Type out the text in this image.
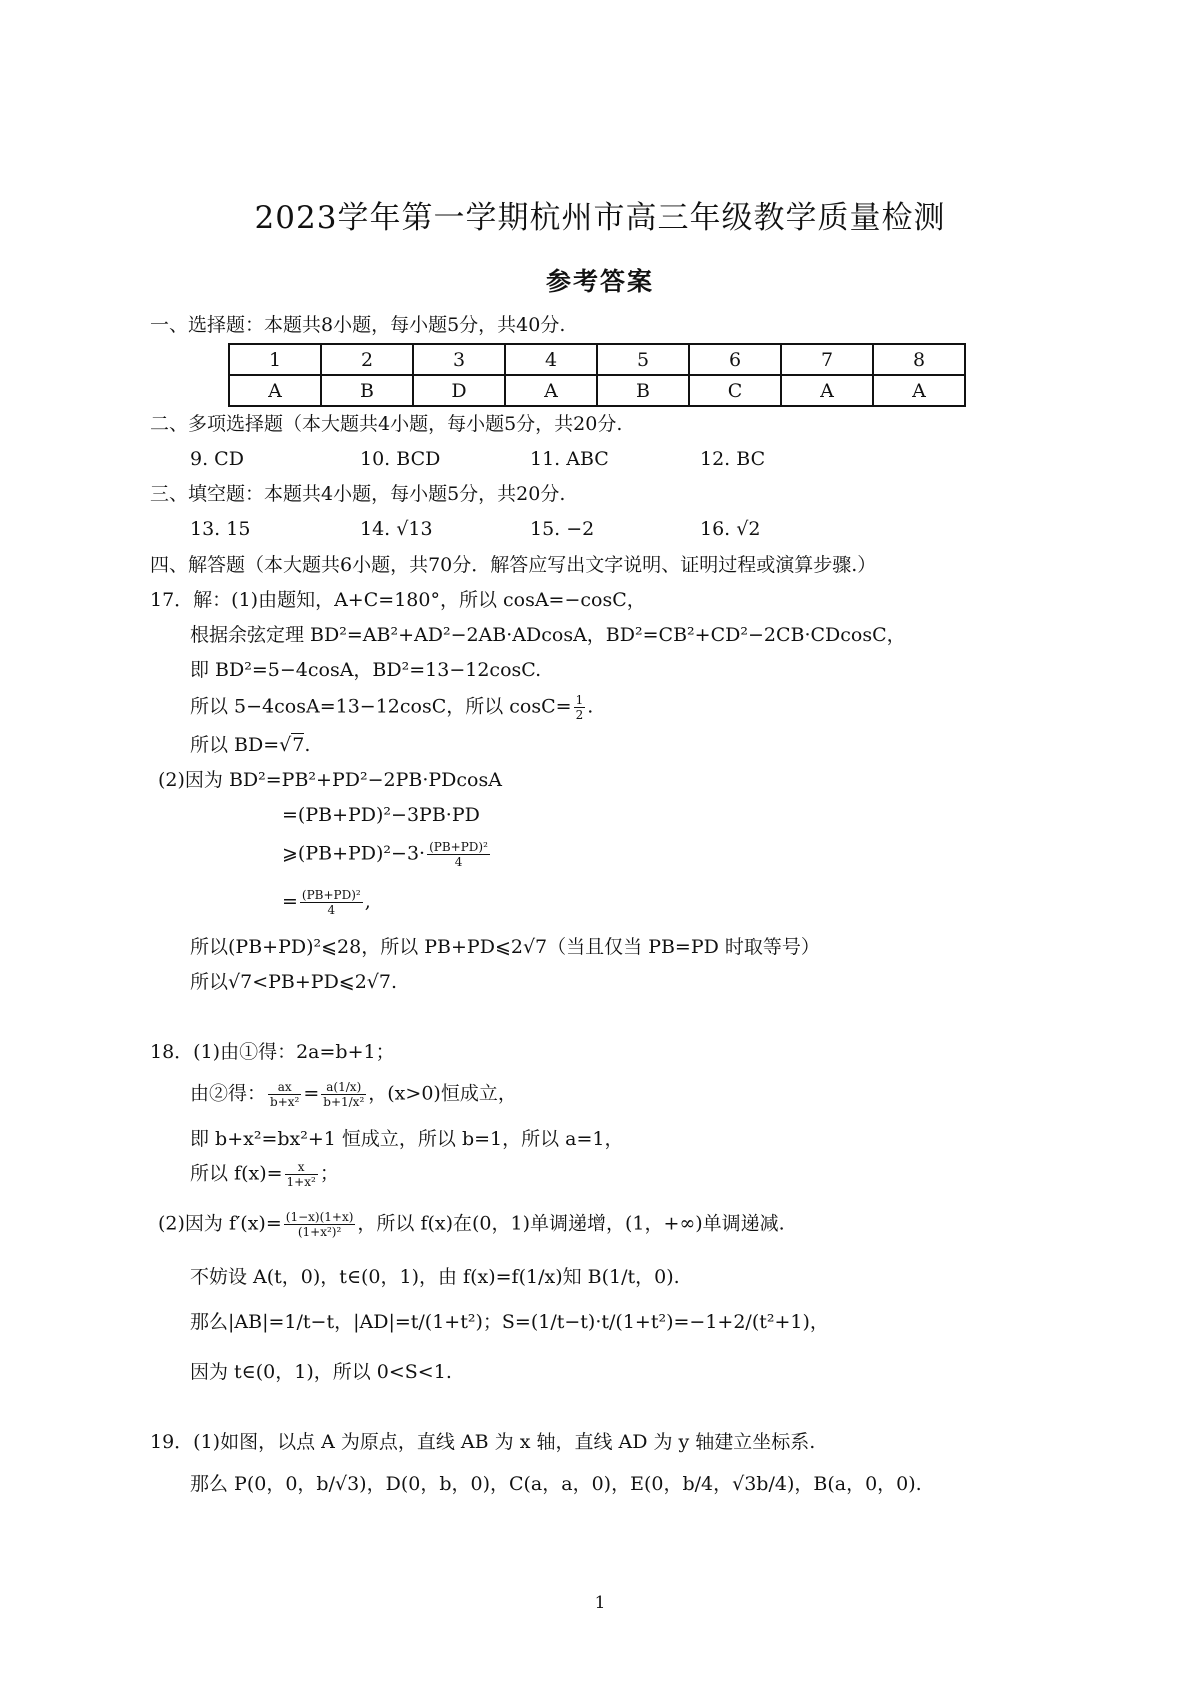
2023学年第一学期杭州市高三年级教学质量检测
参考答案
一、选择题：本题共8小题，每小题5分，共40分.
1	2	3	4	5	6	7	8
A	B	D	A	B	C	A	A
二、多项选择题（本大题共4小题，每小题5分，共20分.
9. CD	10. BCD	11. ABC	12. BC
三、填空题：本题共4小题，每小题5分，共20分.
13. 15	14. √13	15. −2	16. √2
四、解答题（本大题共6小题，共70分．解答应写出文字说明、证明过程或演算步骤.）
17．解：(1)由题知，A+C=180°，所以 cosA=−cosC，
根据余弦定理 BD²=AB²+AD²−2AB·ADcosA，BD²=CB²+CD²−2CB·CDcosC，
即 BD²=5−4cosA，BD²=13−12cosC.
所以 5−4cosA=13−12cosC，所以 $\cos C= \frac{1}{2}$ .
所以 BD=√7.
(2)因为 BD²=PB²+PD²−2PB·PDcosA
=(PB+PD)²−3PB·PD
⩾(PB+PD)²−3· $\frac{\text{(PB+PD)²}}{4}$
= $\frac{\text{(PB+PD)²}}{4}$ ,
所以(PB+PD)²⩽28，所以 PB+PD⩽2√7（当且仅当 PB=PD 时取等号）
所以√7<PB+PD⩽2√7.
18．(1)由①得：2a=b+1；
由②得： $\frac{ax}{\text{b+x²}} = \frac{a(1/x)}{\text{b+1/x²}}$ ，(x>0)恒成立，
即 b+x²=bx²+1 恒成立，所以 b=1，所以 a=1，
所以 $f(x)= \frac{x}{\text{1+x²}}$ ；
(2)因为 $f'(x)= \frac{(1-x)(1+x)}{\text{(1+x²)²}}$ ，所以 f(x)在(0，1)单调递增，(1，+∞)单调递减.
不妨设 A(t，0)，t∈(0，1)，由 f(x)=f(1/x)知 B(1/t，0).
那么|AB|=1/t−t，|AD|=t/(1+t²)；S=(1/t−t)·t/(1+t²)=−1+2/(t²+1)，
因为 t∈(0，1)，所以 0<S<1.
19．(1)如图，以点 A 为原点，直线 AB 为 x 轴，直线 AD 为 y 轴建立坐标系.
那么 P(0，0，b/√3)，D(0，b，0)，C(a，a，0)，E(0，b/4，√3b/4)，B(a，0，0).
1
